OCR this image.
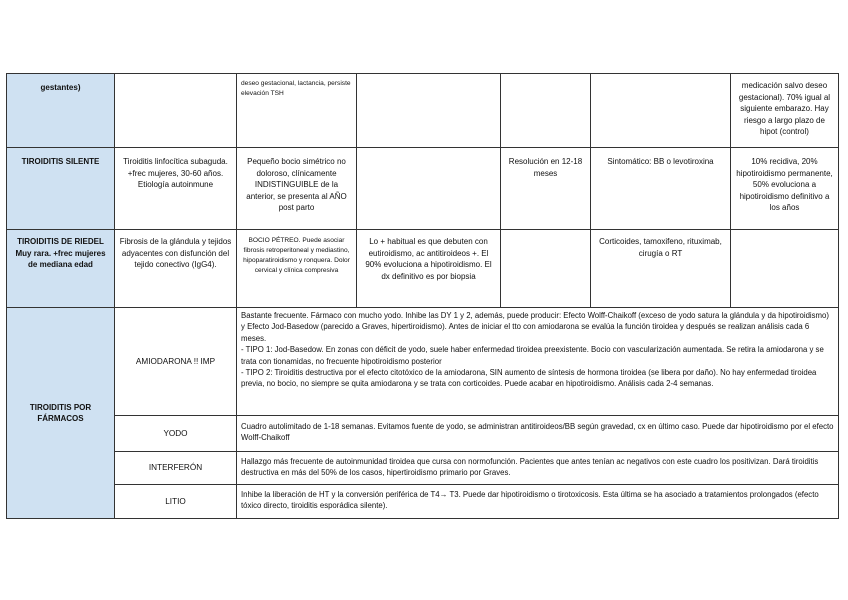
gestantes)		deseo gestacional, lactancia, persiste elevación TSH				medicación salvo deseo gestacional). 70% igual al siguiente embarazo. Hay riesgo a largo plazo de hipot (control)
TIROIDITIS SILENTE	Tiroiditis linfocítica subaguda. +frec mujeres, 30-60 años. Etiología autoinmune	Pequeño bocio simétrico no doloroso, clínicamente INDISTINGUIBLE de la anterior, se presenta al AÑO post parto		Resolución en 12-18 meses	Sintomático: BB o levotiroxina	10% recidiva, 20% hipotiroidismo permanente, 50% evoluciona a hipotiroidismo definitivo a los años
TIROIDITIS DE RIEDEL Muy rara. +frec mujeres de mediana edad	Fibrosis de la glándula y tejidos adyacentes con disfunción del tejido conectivo (IgG4).	BOCIO PÉTREO. Puede asociar fibrosis retroperitoneal y mediastino, hipoparatiroidismo y ronquera. Dolor cervical y clínica compresiva	Lo + habitual es que debuten con eutiroidismo, ac antitiroideos +. El 90% evoluciona a hipotiroidismo. El dx definitivo es por biopsia		Corticoides, tamoxifeno, rituximab, cirugía o RT	
TIROIDITIS POR FÁRMACOS	AMIODARONA !! IMP	Bastante frecuente. Fármaco con mucho yodo. Inhibe las DY 1 y 2, además, puede producir: Efecto Wolff-Chaikoff (exceso de yodo satura la glándula y da hipotiroidismo) y Efecto Jod-Basedow (parecido a Graves, hipertiroidismo). Antes de iniciar el tto con amiodarona se evalúa la función tiroidea y después se realizan análisis cada 6 meses.
- TIPO 1: Jod-Basedow. En zonas con déficit de yodo, suele haber enfermedad tiroidea preexistente. Bocio con vascularización aumentada. Se retira la amiodarona y se trata con tionamidas, no frecuente hipotiroidismo posterior
- TIPO 2: Tiroiditis destructiva por el efecto citotóxico de la amiodarona, SIN aumento de síntesis de hormona tiroidea (se libera por daño). No hay enfermedad tiroidea previa, no bocio, no siempre se quita amiodarona y se trata con corticoides. Puede acabar en hipotiroidismo. Análisis cada 2-4 semanas.				

	YODO	Cuadro autolimitado de 1-18 semanas. Evitamos fuente de yodo, se administran antitiroideos/BB según gravedad, cx en último caso. Puede dar hipotiroidismo por el efecto Wolff-Chaikoff				
	INTERFERÓN	Hallazgo más frecuente de autoinmunidad tiroidea que cursa con normofunción. Pacientes que antes tenían ac negativos con este cuadro los positivizan. Dará tiroiditis destructiva en más del 50% de los casos, hipertiroidismo primario por Graves.				
	LITIO	Inhibe la liberación de HT y la conversión periférica de T4→ T3. Puede dar hipotiroidismo o tirotoxicosis. Esta última se ha asociado a tratamientos prolongados (efecto tóxico directo, tiroiditis esporádica silente).				
